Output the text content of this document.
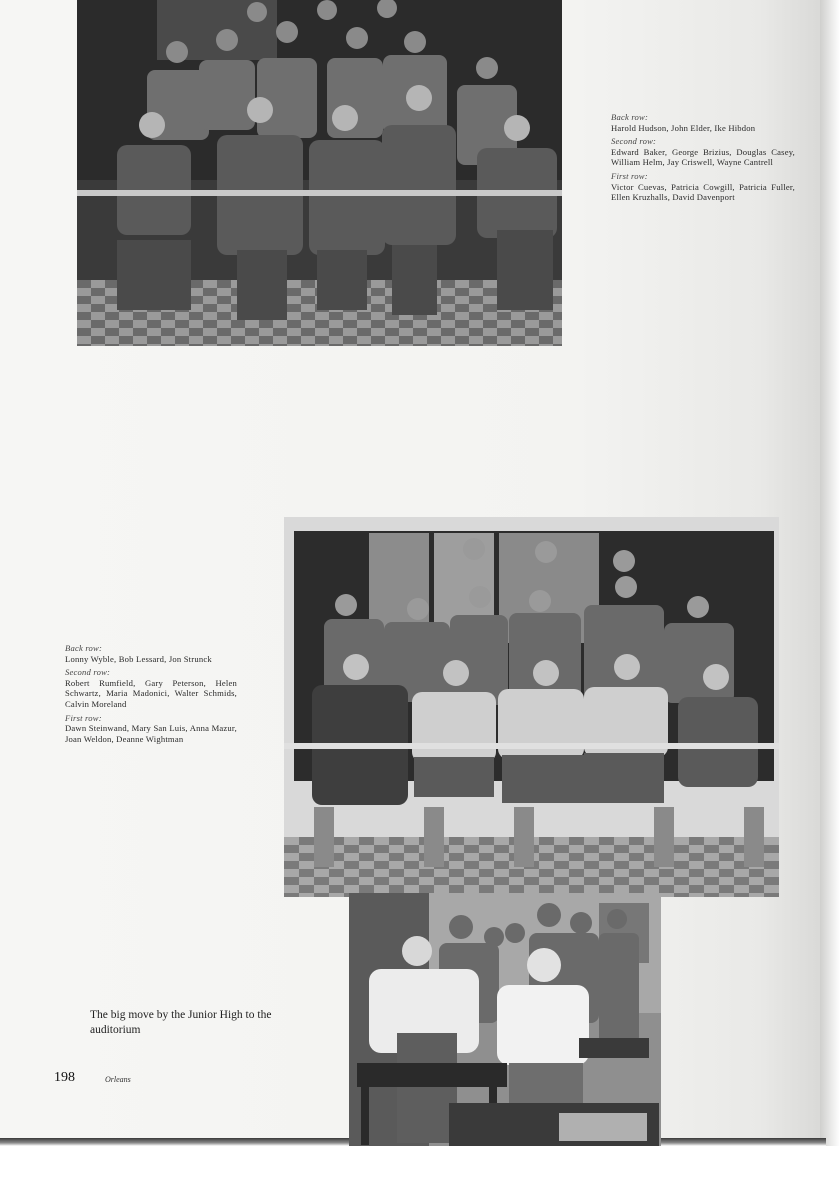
Back row:
Harold Hudson, John Elder, Ike Hibdon
Second row:
Edward Baker, George Brizius, Douglas Casey, William Helm, Jay Criswell, Wayne Cantrell
First row:
Victor Cuevas, Patricia Cowgill, Patricia Fuller, Ellen Kruzhalls, David Davenport
Back row:
Lonny Wyble, Bob Lessard, Jon Strunck
Second row:
Robert Rumfield, Gary Peterson, Helen Schwartz, Maria Madonici, Walter Schmids, Calvin Moreland
First row:
Dawn Steinwand, Mary San Luis, Anna Mazur, Joan Weldon, Deanne Wightman
The big move by the Junior High to the auditorium
198	Orleans
